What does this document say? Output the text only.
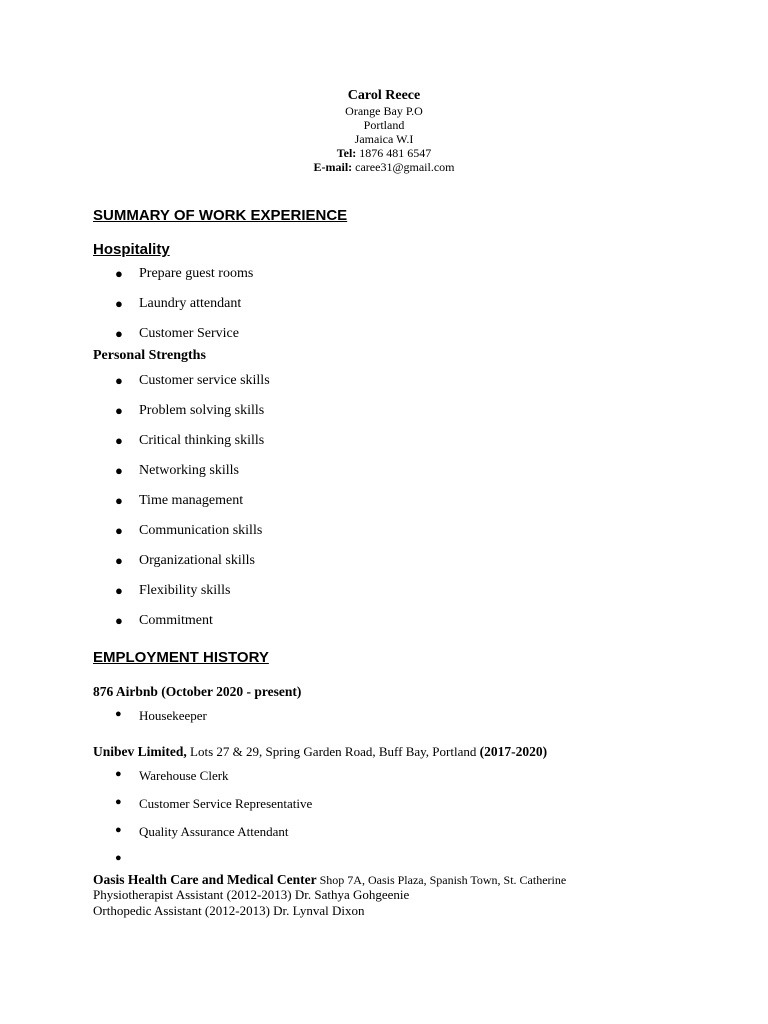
Carol Reece
Orange Bay P.O
Portland
Jamaica W.I
Tel: 1876 481 6547
E-mail: caree31@gmail.com
SUMMARY OF WORK EXPERIENCE
Hospitality
● Prepare guest rooms
● Laundry attendant
● Customer Service
Personal Strengths
● Customer service skills
● Problem solving skills
● Critical thinking skills
● Networking skills
● Time management
● Communication skills
● Organizational skills
● Flexibility skills
● Commitment
EMPLOYMENT HISTORY
876 Airbnb (October 2020 - present)
● Housekeeper
Unibev Limited, Lots 27 & 29, Spring Garden Road, Buff Bay, Portland (2017-2020)
● Warehouse Clerk
● Customer Service Representative
● Quality Assurance Attendant
●
Oasis Health Care and Medical Center Shop 7A, Oasis Plaza, Spanish Town, St. Catherine
Physiotherapist Assistant (2012-2013) Dr. Sathya Gohgeenie
Orthopedic Assistant (2012-2013) Dr. Lynval Dixon
